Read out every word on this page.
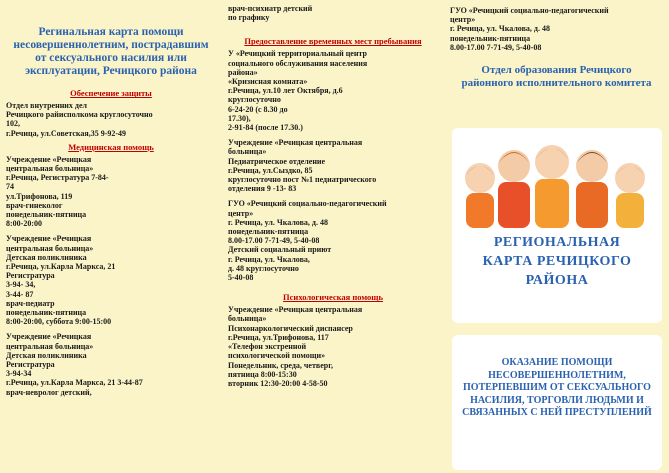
Регинальная карта помощи несовершеннолетним, пострадавшим от сексуального насилия или эксплуатации, Речицкого района
Обеспечение защиты

Отдел внутренних дел
Речицкого райисполкома круглосуточно
102,
г.Речица, ул.Советская,35 9-92-49

Медицинская помощь

Учреждение «Речицкая
центральная больница»
г.Речица, Регистратура 7-84-
74
ул.Трифонова, 119
врач-гинеколог
понедельник-пятница
8:00-20:00

Учреждение «Речицкая
центральная больница»
Детская поликлиника
г.Речица, ул.Карла Маркса, 21
Регистратура
3-94- 34,
3-44- 87
врач-педиатр
понедельник-пятница
8:00-20:00, суббота 9:00-15:00

Учреждение «Речицкая
центральная больница»
Детская поликлиника
Регистратура
3-94-34
г.Речица, ул.Карла Маркса, 21 3-44-87
врач-невролог детский,

врач-психиатр детский
по графику

Предоставление временных мест пребывания

У «Речицкий территориальный центр
социального обслуживания населения
района»
«Кризисная комната»
г.Речица, ул.10 лет Октября, д.6
круглосуточно
6-24-20 (с 8.30 до
17.30),
2-91-84 (после 17.30.)

Учреждение «Речицкая центральная
больница»
Педиатрическое отделение
г.Речица, ул.Сыздко, 85
круглосуточно пост №1 педиатрического
отделения 9 -13- 83

ГУО «Речицкий социально-педагогический
центр»
г. Речица, ул. Чкалова, д. 48
понедельник-пятница
8.00-17.00 7-71-49, 5-40-08
Детский социальный приют
г. Речица, ул. Чкалова,
д. 48 круглосуточно
5-40-08

Психологическая помощь

Учреждение «Речицкая центральная
больница»
Психонаркологический диспансер
г.Речица, ул.Трифонова, 117
«Телефон экстренной
психологической помощи»
Понедельник, среда, четверг,
пятница 8:00-15:30
вторник 12:30-20:00 4-58-50

ГУО «Речицкий социально-педагогический
центр»
г. Речица, ул. Чкалова, д. 48
понедельник-пятница
8.00-17.00 7-71-49, 5-40-08

Отдел образования Речицкого районного исполнительного комитета
РЕГИОНАЛЬНАЯ КАРТА РЕЧИЦКОГО РАЙОНА
ОКАЗАНИЕ ПОМОЩИ НЕСОВЕРШЕННОЛЕТНИМ, ПОТЕРПЕВШИМ ОТ СЕКСУАЛЬНОГО НАСИЛИЯ, ТОРГОВЛИ ЛЮДЬМИ И СВЯЗАННЫХ С НЕЙ ПРЕСТУПЛЕНИЙ
